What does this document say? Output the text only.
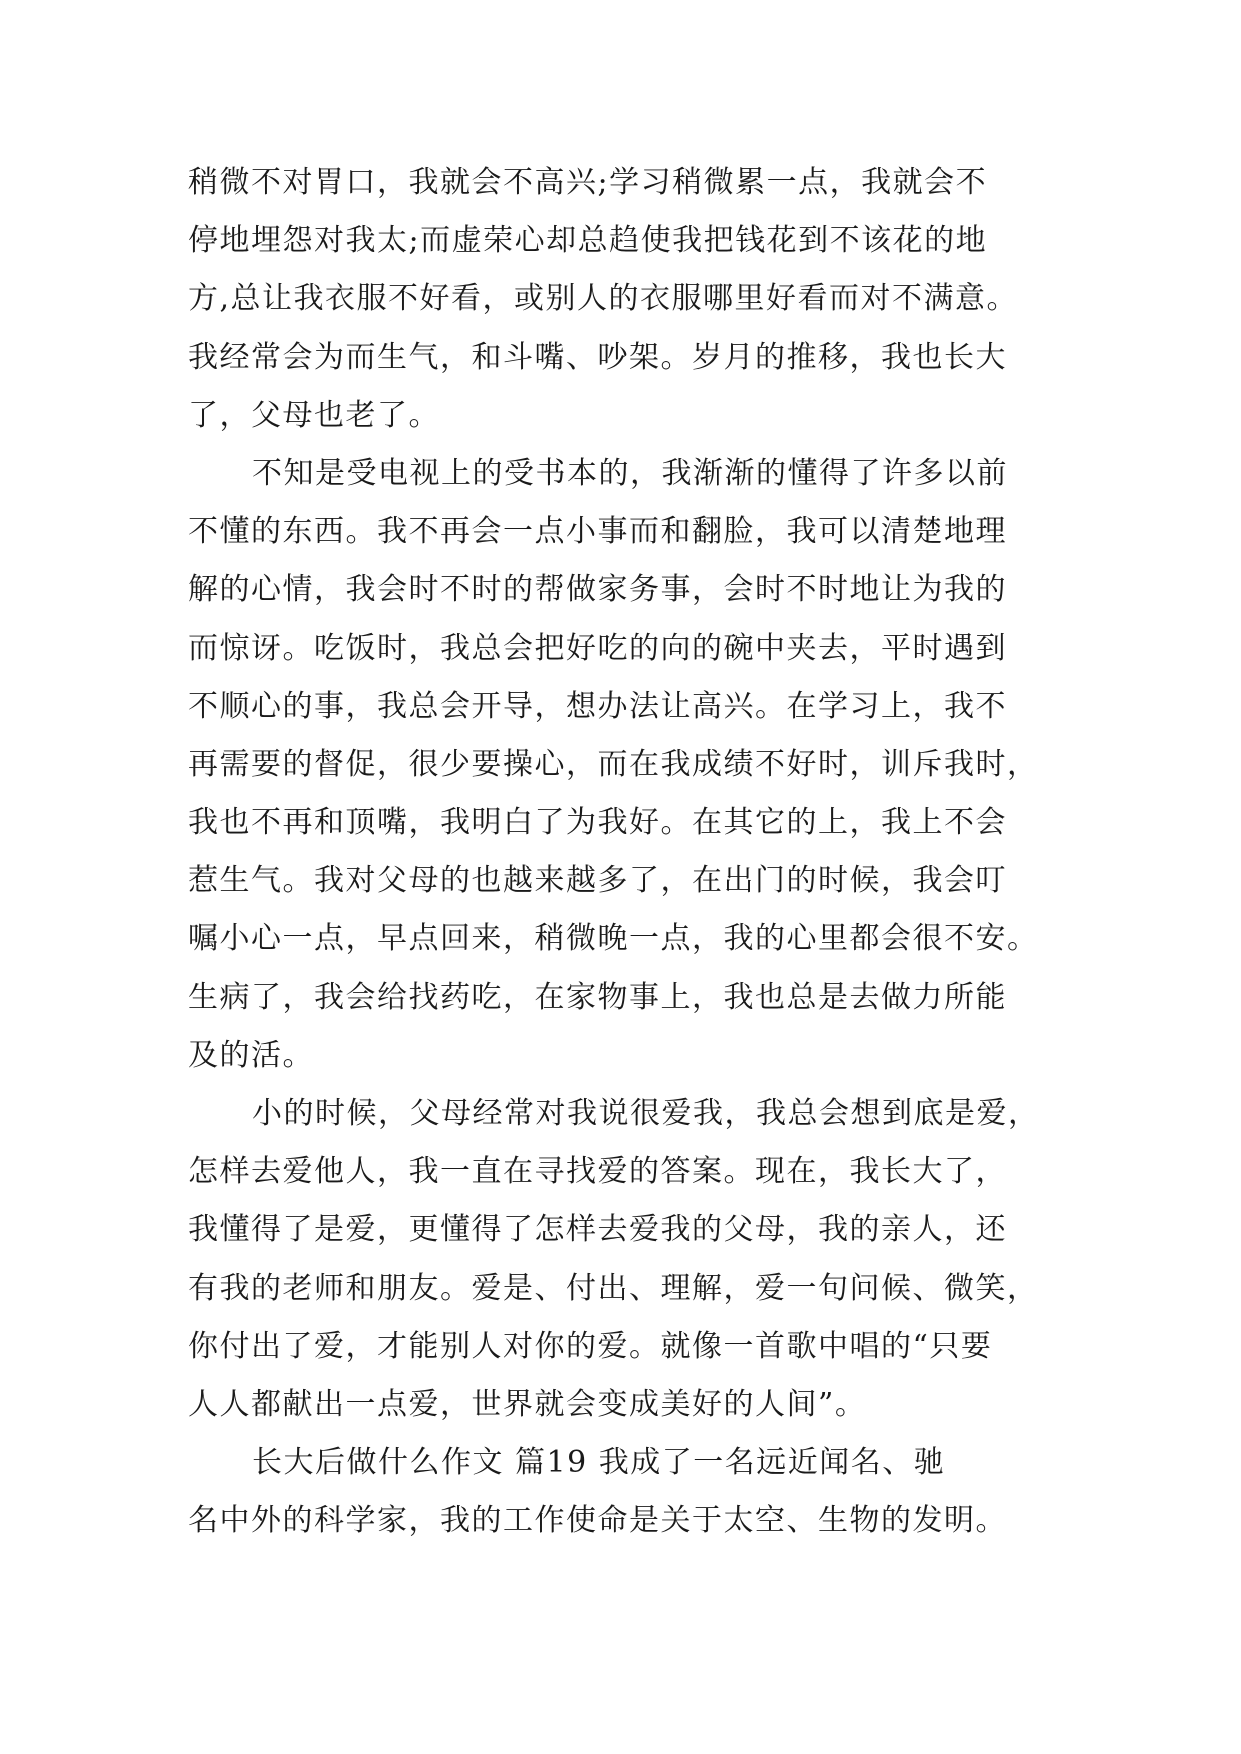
稍微不对胃口，我就会不高兴;学习稍微累一点，我就会不
停地埋怨对我太;而虚荣心却总趋使我把钱花到不该花的地
方,总让我衣服不好看，或别人的衣服哪里好看而对不满意。
我经常会为而生气，和斗嘴、吵架。岁月的推移，我也长大
了，父母也老了。
不知是受电视上的受书本的，我渐渐的懂得了许多以前
不懂的东西。我不再会一点小事而和翻脸，我可以清楚地理
解的心情，我会时不时的帮做家务事，会时不时地让为我的
而惊讶。吃饭时，我总会把好吃的向的碗中夹去，平时遇到
不顺心的事，我总会开导，想办法让高兴。在学习上，我不
再需要的督促，很少要操心，而在我成绩不好时，训斥我时，
我也不再和顶嘴，我明白了为我好。在其它的上，我上不会
惹生气。我对父母的也越来越多了，在出门的时候，我会叮
嘱小心一点，早点回来，稍微晚一点，我的心里都会很不安。
生病了，我会给找药吃，在家物事上，我也总是去做力所能
及的活。
小的时候，父母经常对我说很爱我，我总会想到底是爱，
怎样去爱他人，我一直在寻找爱的答案。现在，我长大了，
我懂得了是爱，更懂得了怎样去爱我的父母，我的亲人，还
有我的老师和朋友。爱是、付出、理解，爱一句问候、微笑，
你付出了爱，才能别人对你的爱。就像一首歌中唱的“只要
人人都献出一点爱，世界就会变成美好的人间”。
长大后做什么作文 篇19 我成了一名远近闻名、驰
名中外的科学家，我的工作使命是关于太空、生物的发明。
